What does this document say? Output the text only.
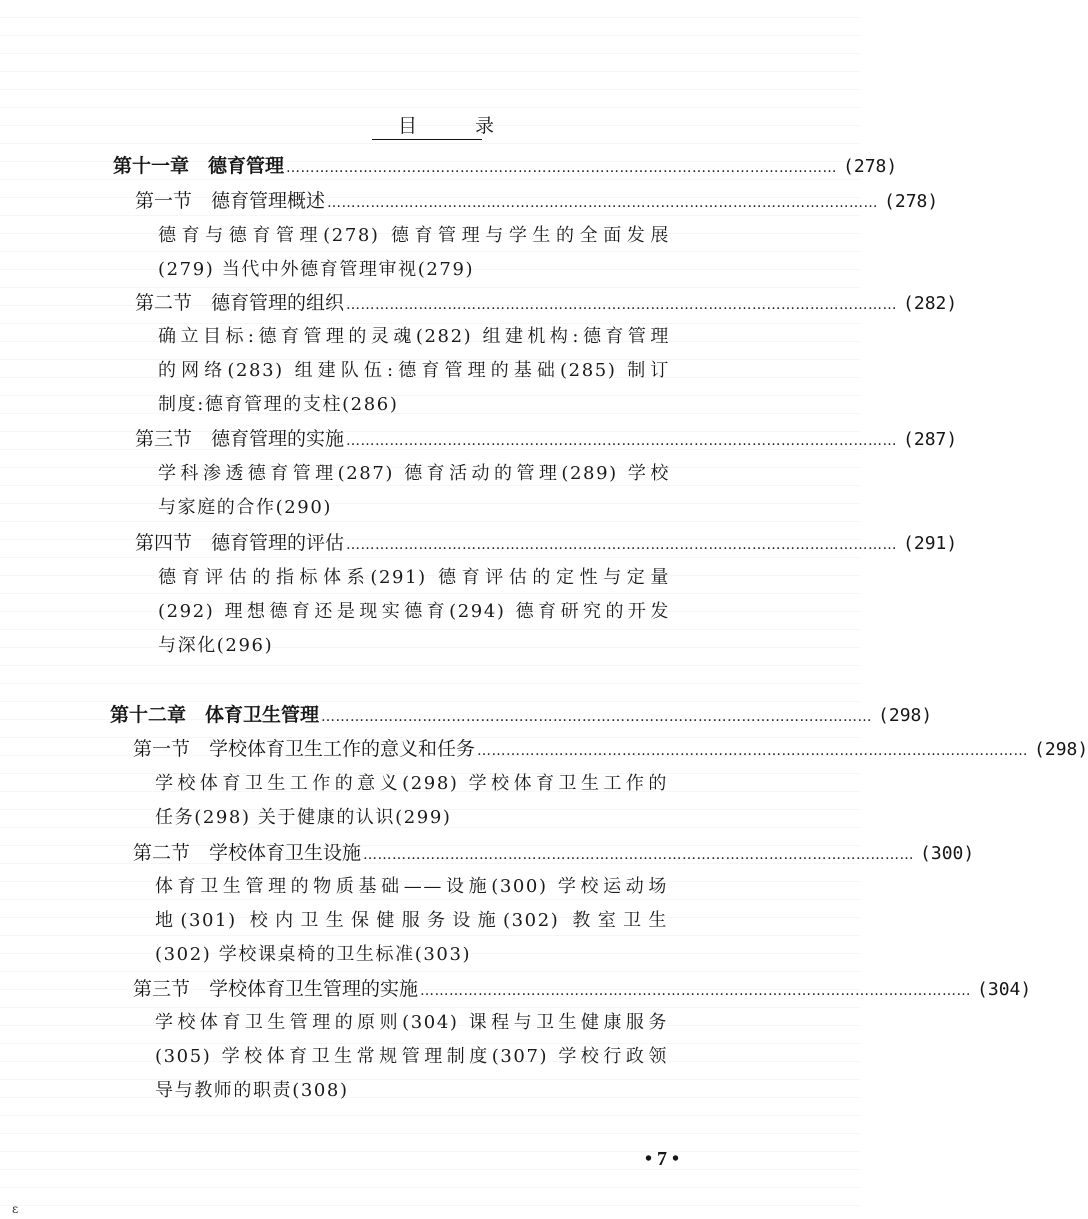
目 录
第十一章 德育管理 …………………………………………………………………………………………………… (278)
第一节 德育管理概述 …………………………………………………………………………………………………… (278)
德育与德育管理(278) 德育管理与学生的全面发展
(279) 当代中外德育管理审视(279)
第二节 德育管理的组织 …………………………………………………………………………………………………… (282)
确立目标:德育管理的灵魂(282) 组建机构:德育管理
的网络(283) 组建队伍:德育管理的基础(285) 制订
制度:德育管理的支柱(286)
第三节 德育管理的实施 …………………………………………………………………………………………………… (287)
学科渗透德育管理(287) 德育活动的管理(289) 学校
与家庭的合作(290)
第四节 德育管理的评估 …………………………………………………………………………………………………… (291)
德育评估的指标体系(291) 德育评估的定性与定量
(292) 理想德育还是现实德育(294) 德育研究的开发
与深化(296)
第十二章 体育卫生管理 …………………………………………………………………………………………………… (298)
第一节 学校体育卫生工作的意义和任务 …………………………………………………………………………………………………… (298)
学校体育卫生工作的意义(298) 学校体育卫生工作的
任务(298) 关于健康的认识(299)
第二节 学校体育卫生设施 …………………………………………………………………………………………………… (300)
体育卫生管理的物质基础——设施(300) 学校运动场
地(301) 校内卫生保健服务设施(302) 教室卫生
(302) 学校课桌椅的卫生标准(303)
第三节 学校体育卫生管理的实施 …………………………………………………………………………………………………… (304)
学校体育卫生管理的原则(304) 课程与卫生健康服务
(305) 学校体育卫生常规管理制度(307) 学校行政领
导与教师的职责(308)
• 7 •
ɛ
